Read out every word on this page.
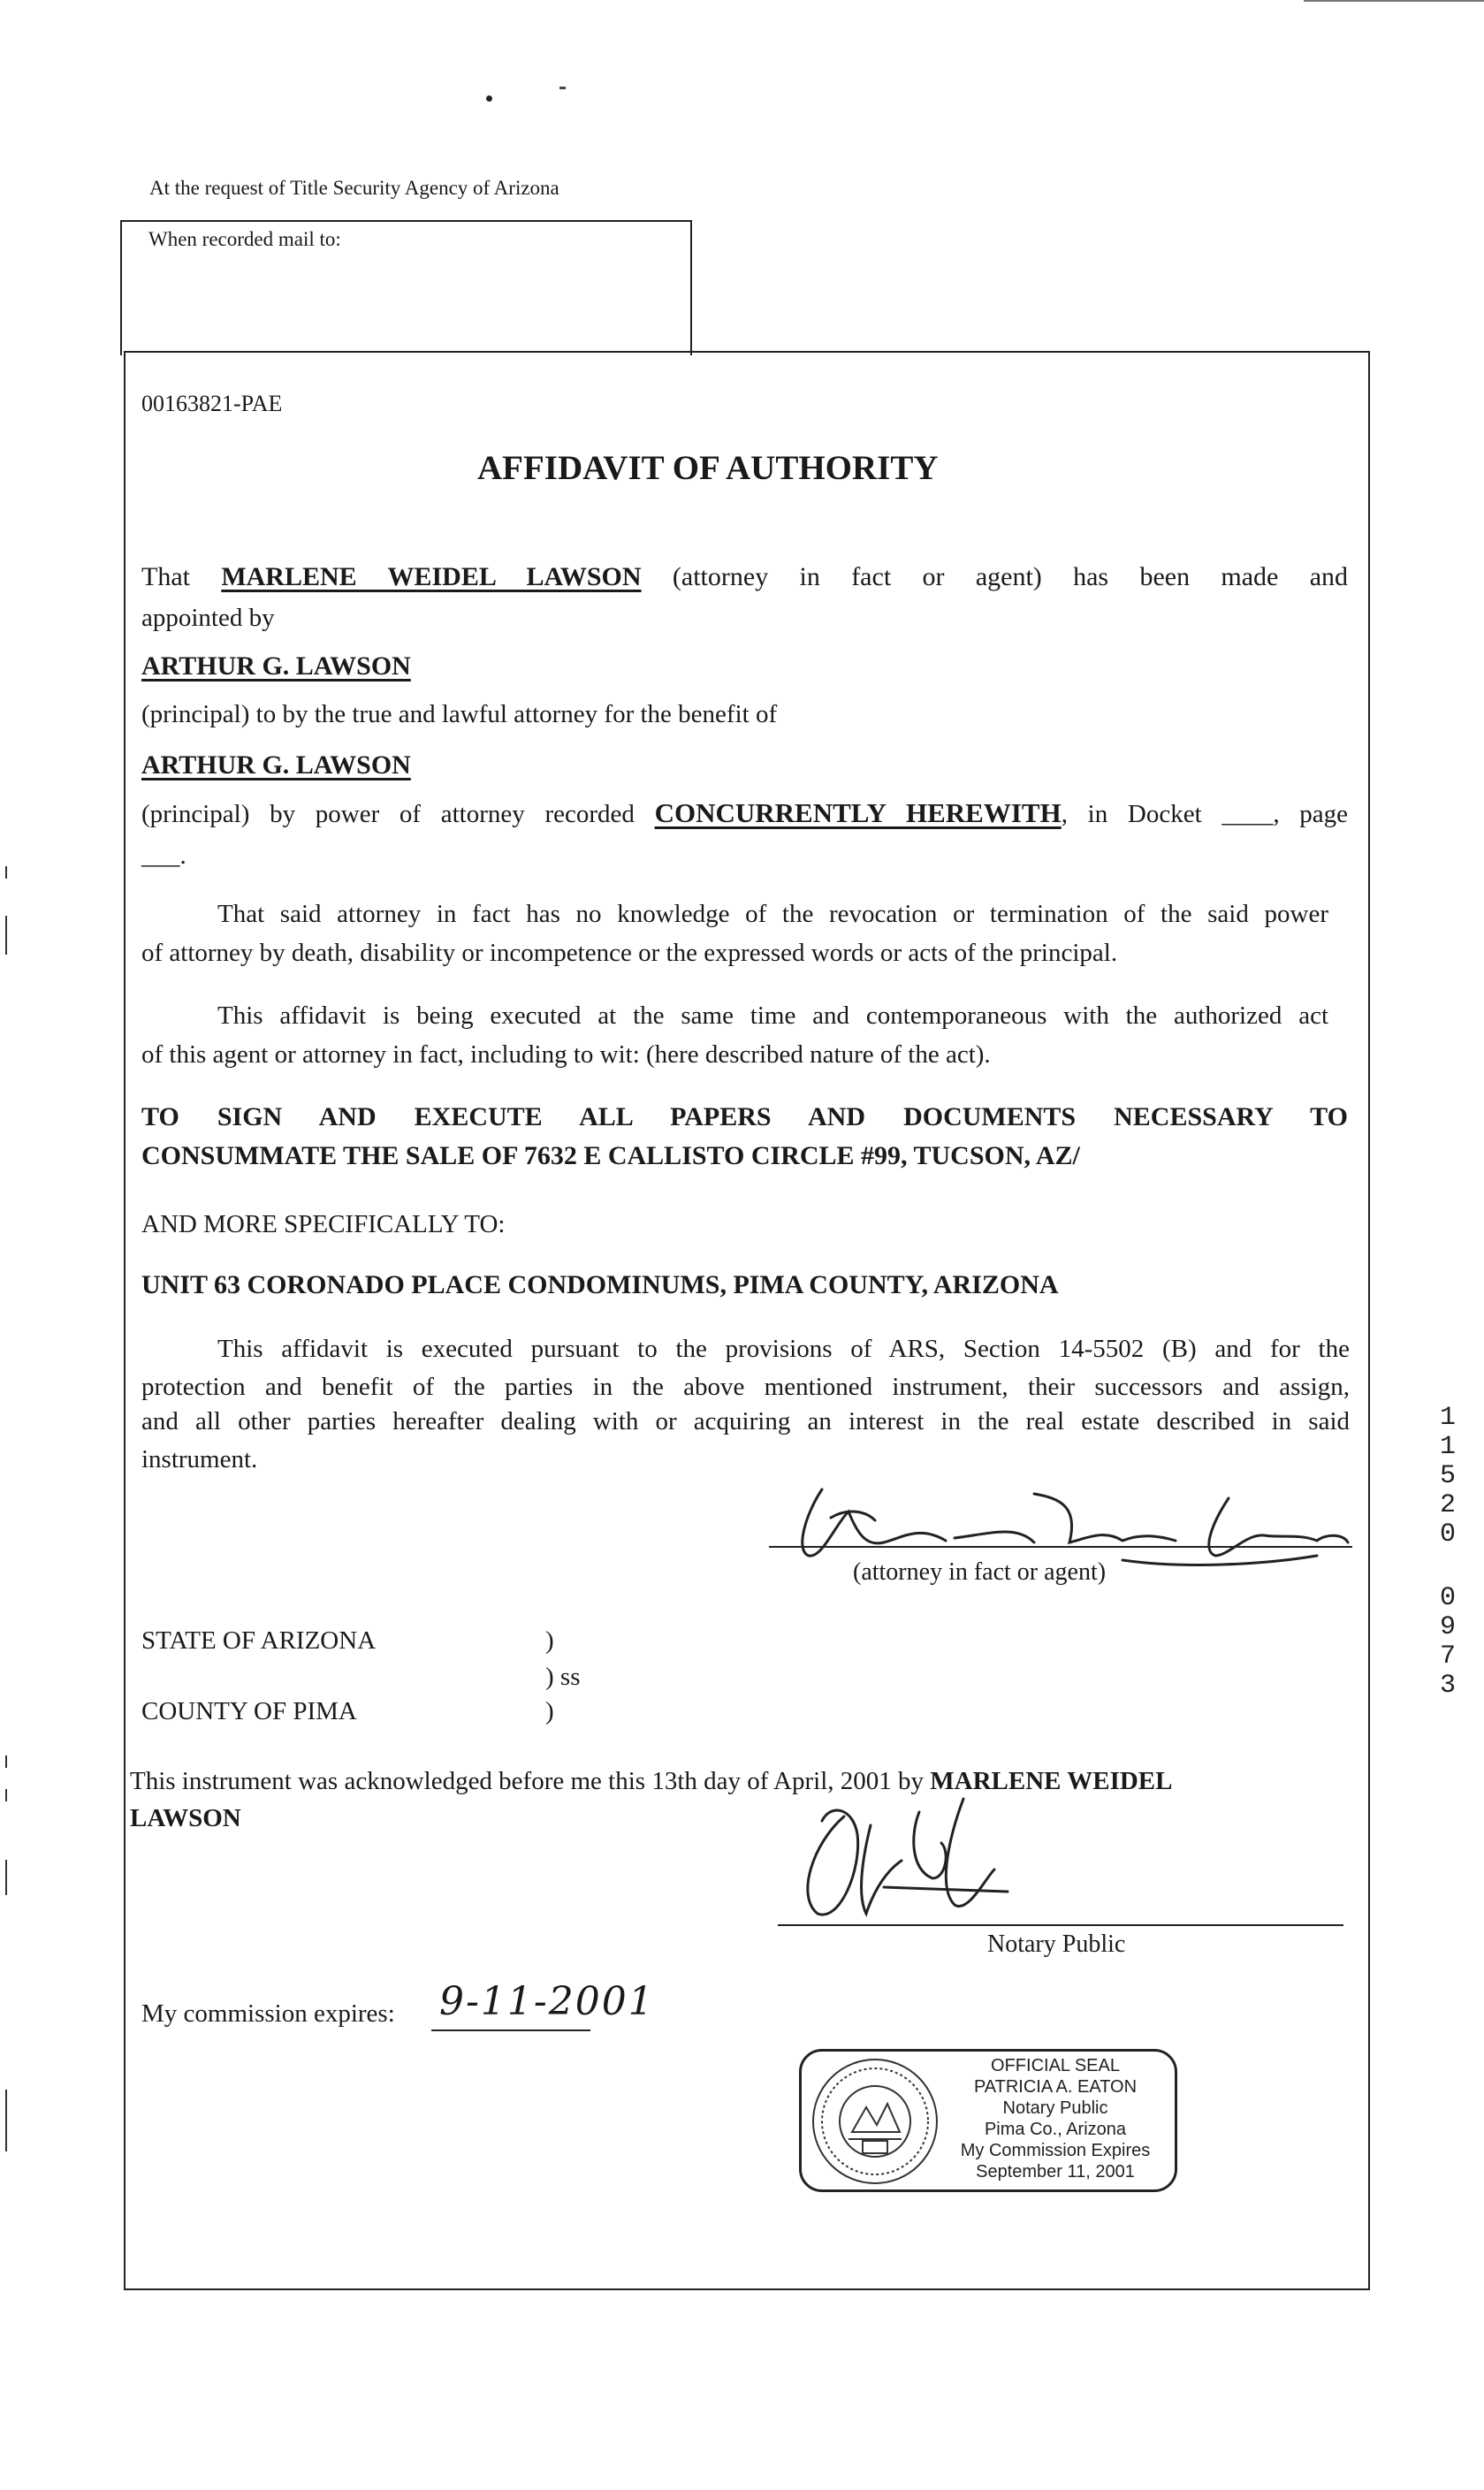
At the request of Title Security Agency of Arizona
When recorded mail to:
00163821-PAE
AFFIDAVIT OF AUTHORITY
That MARLENE WEIDEL LAWSON (attorney in fact or agent) has been made and
appointed by
ARTHUR G. LAWSON
(principal) to by the true and lawful attorney for the benefit of
ARTHUR G. LAWSON
(principal) by power of attorney recorded CONCURRENTLY HEREWITH, in Docket ____, page
___.
That said attorney in fact has no knowledge of the revocation or termination of the said power
of attorney by death, disability or incompetence or the expressed words or acts of the principal.
This affidavit is being executed at the same time and contemporaneous with the authorized act
of this agent or attorney in fact, including to wit: (here described nature of the act).
TO SIGN AND EXECUTE ALL PAPERS AND DOCUMENTS NECESSARY TO
CONSUMMATE THE SALE OF 7632 E CALLISTO CIRCLE #99, TUCSON, AZ/
AND MORE SPECIFICALLY TO:
UNIT 63 CORONADO PLACE CONDOMINUMS, PIMA COUNTY, ARIZONA
This affidavit is executed pursuant to the provisions of ARS, Section 14-5502 (B) and for the
protection and benefit of the parties in the above mentioned instrument, their successors and assign,
and all other parties hereafter dealing with or acquiring an interest in the real estate described in said
instrument.
(attorney in fact or agent)
STATE OF ARIZONA	)
) ss
COUNTY OF PIMA	)
This instrument was acknowledged before me this 13th day of April, 2001 by MARLENE WEIDEL
LAWSON
Notary Public
My commission expires: 9-11-2001
OFFICIAL SEAL
PATRICIA A. EATON
Notary Public
Pima Co., Arizona
My Commission Expires
September 11, 2001
1
1
5
2
0
0
9
7
3
